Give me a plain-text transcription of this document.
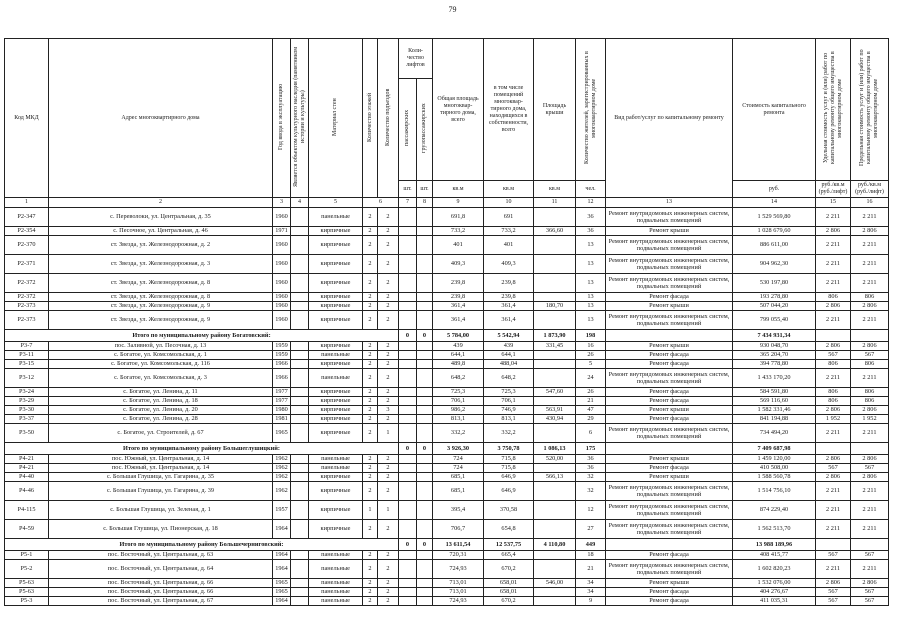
79
Код МКД	Адрес многоквартирного дома	Год ввода в эксплуатацию	Является объектом культурного наследия (памятником истории и культуры)	Материал стен	Количество этажей	Количество подъездов	Коли-чество лифтов		Общая площадь многоквар-тирного дома, всего	в том числе помещений многоквар-тирного дома, находящихся в собственности, всего	Площадь крыши	Количество жителей, зарегистрированных в многоквартирном доме	Вид работ/услуг по капитальному ремонту	Стоимость капитального ремонта	Удельная стоимость услуг и (или) работ по капитальному ремонту общего имущества в многоквартирном доме	Предельная стоимость услуг и (или) работ по капитальному ремонту общего имущества в многоквартирном доме
							пассажирских	грузопассажирских								
							шт.	шт.	кв.м	кв.м	кв.м	чел.		руб.	руб./кв.м (руб./лифт)	руб./кв.м (руб./лифт)
1	2	3	4	5	6		7	8	9	10	11	12	13	14	15	16
Р2-347	с. Переволоки, ул. Центральная, д. 35	1960		панельные	2	2			691,8	691		36	Ремонт внутридомовых инженерных систем, подвальных помещений	1 529 569,80	2 211	2 211
Р2-354	с. Песочное, ул. Центральная, д. 46	1971		кирпичные	2	2			733,2	733,2	366,60	36	Ремонт крыши	1 028 679,60	2 806	2 806
Р2-370	ст. Звезда, ул. Железнодорожная, д. 2	1960		кирпичные	2	2			401	401		13	Ремонт внутридомовых инженерных систем, подвальных помещений	886 611,00	2 211	2 211
Р2-371	ст. Звезда, ул. Железнодорожная, д. 3	1960		кирпичные	2	2			409,3	409,3		13	Ремонт внутридомовых инженерных систем, подвальных помещений	904 962,30	2 211	2 211
Р2-372	ст. Звезда, ул. Железнодорожная, д. 8	1960		кирпичные	2	2			239,8	239,8		13	Ремонт внутридомовых инженерных систем, подвальных помещений	530 197,80	2 211	2 211
Р2-372	ст. Звезда, ул. Железнодорожная, д. 8	1960		кирпичные	2	2			239,8	239,8		13	Ремонт фасада	193 278,80	806	806
Р2-373	ст. Звезда, ул. Железнодорожная, д. 9	1960		кирпичные	2	2			361,4	361,4	180,70	13	Ремонт крыши	507 044,20	2 806	2 806
Р2-373	ст. Звезда, ул. Железнодорожная, д. 9	1960		кирпичные	2	2			361,4	361,4		13	Ремонт внутридомовых инженерных систем, подвальных помещений	799 055,40	2 211	2 211
Итого по муниципальному району Богатовский:							0	0	5 784,00	5 542,94	1 873,90	198		7 434 931,34		
Р3-7	пос. Заливной, ул. Песочная, д. 13	1959		кирпичные	2	2			439	439	331,45	16	Ремонт крыши	930 048,70	2 806	2 806
Р3-11	с. Богатое, ул. Комсомольская, д. 1	1959		панельные	2	2			644,1	644,1		26	Ремонт фасада	365 204,70	567	567
Р3-15	с. Богатое, ул. Комсомольская, д. 116	1966		кирпичные	2	2			489,8	488,04		5	Ремонт фасада	394 778,80	806	806
Р3-12	с. Богатое, ул. Комсомольская, д. 3	1966		панельные	2	2			648,2	648,2		24	Ремонт внутридомовых инженерных систем, подвальных помещений	1 433 170,20	2 211	2 211
Р3-24	с. Богатое, ул. Ленина, д. 11	1977		кирпичные	2	2			725,3	725,3	547,60	26	Ремонт фасада	584 591,80	806	806
Р3-29	с. Богатое, ул. Ленина, д. 18	1977		кирпичные	2	2			706,1	706,1		21	Ремонт фасада	569 116,60	806	806
Р3-30	с. Богатое, ул. Ленина, д. 20	1980		кирпичные	2	3			986,2	746,9	563,91	47	Ремонт крыши	1 582 331,46	2 806	2 806
Р3-37	с. Богатое, ул. Ленина, д. 28	1981		кирпичные	2	2			813,1	813,1	430,94	29	Ремонт фасада	841 194,88	1 952	1 952
Р3-50	с. Богатое, ул. Строителей, д. 67	1965		кирпичные	2	1			332,2	332,2		6	Ремонт внутридомовых инженерных систем, подвальных помещений	734 494,20	2 211	2 211
Итого по муниципальному району Большеглушицкий:							0	0	3 926,30	3 750,78	1 086,13	175		7 409 687,98		
Р4-21	пос. Южный, ул. Центральная, д. 14	1962		панельные	2	2			724	715,8	520,00	36	Ремонт крыши	1 459 120,00	2 806	2 806
Р4-21	пос. Южный, ул. Центральная, д. 14	1962		панельные	2	2			724	715,8		36	Ремонт фасада	410 508,00	567	567
Р4-40	с. Большая Глушица, ул. Гагарина, д. 35	1962		кирпичные	2	2			685,1	646,9	566,13	32	Ремонт крыши	1 588 560,78	2 806	2 806
Р4-46	с. Большая Глушица, ул. Гагарина, д. 39	1962		кирпичные	2	2			685,1	646,9		32	Ремонт внутридомовых инженерных систем, подвальных помещений	1 514 756,10	2 211	2 211
Р4-115	с. Большая Глушица, ул. Зеленая, д. 1	1957		кирпичные	1	1			395,4	370,58		12	Ремонт внутридомовых инженерных систем, подвальных помещений	874 229,40	2 211	2 211
Р4-59	с. Большая Глушица, ул. Пионерская, д. 18	1964		кирпичные	2	2			706,7	654,8		27	Ремонт внутридомовых инженерных систем, подвальных помещений	1 562 513,70	2 211	2 211
Итого по муниципальному району Большечерниговский:							0	0	13 611,54	12 537,75	4 110,80	449		13 988 189,96		
Р5-1	пос. Восточный, ул. Центральная, д. 63	1964		панельные	2	2			720,31	665,4		18	Ремонт фасада	408 415,77	567	567
Р5-2	пос. Восточный, ул. Центральная, д. 64	1964		панельные	2	2			724,93	670,2		21	Ремонт внутридомовых инженерных систем, подвальных помещений	1 602 820,23	2 211	2 211
Р5-63	пос. Восточный, ул. Центральная, д. 66	1965		панельные	2	2			713,01	658,01	546,00	34	Ремонт крыши	1 532 076,00	2 806	2 806
Р5-63	пос. Восточный, ул. Центральная, д. 66	1965		панельные	2	2			713,01	658,01		34	Ремонт фасада	404 276,67	567	567
Р5-3	пос. Восточный, ул. Центральная, д. 67	1964		панельные	2	2			724,93	670,2		9	Ремонт фасада	411 035,31	567	567
